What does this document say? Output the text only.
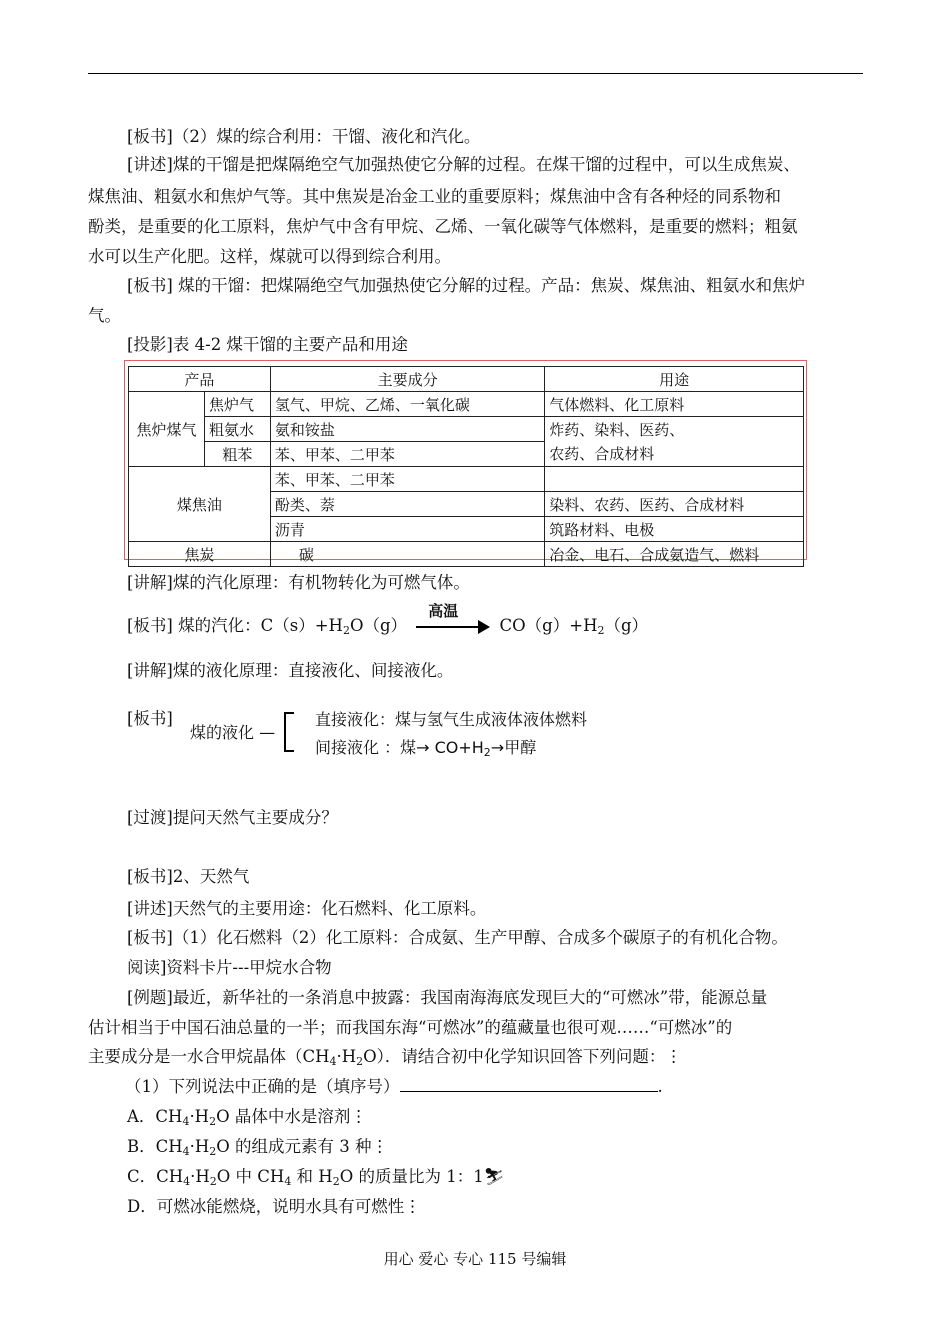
[板书]（2）煤的综合利用：干馏、液化和汽化。
[讲述]煤的干馏是把煤隔绝空气加强热使它分解的过程。在煤干馏的过程中，可以生成焦炭、
煤焦油、粗氨水和焦炉气等。其中焦炭是冶金工业的重要原料；煤焦油中含有各种烃的同系物和
酚类，是重要的化工原料，焦炉气中含有甲烷、乙烯、一氧化碳等气体燃料，是重要的燃料；粗氨
水可以生产化肥。这样，煤就可以得到综合利用。
[板书] 煤的干馏：把煤隔绝空气加强热使它分解的过程。产品：焦炭、煤焦油、粗氨水和焦炉
气。
[投影]表 4-2 煤干馏的主要产品和用途
产品		主要成分	用途
焦炉煤气	焦炉气	氢气、甲烷、乙烯、一氧化碳	气体燃料、化工原料
	粗氨水	氨和铵盐	炸药、染料、医药、
农药、合成材料
	粗苯	苯、甲苯、二甲苯	
煤焦油		苯、甲苯、二甲苯	
		酚类、萘	染料、农药、医药、合成材料
		沥青	筑路材料、电极
焦炭		碳	冶金、电石、合成氨造气、燃料
[讲解]煤的汽化原理：有机物转化为可燃气体。
[板书] 煤的汽化：$C(s)+H_2O(g)$
高温
$CO(g)+H_2(g)$
[讲解]煤的液化原理：直接液化、间接液化。
[板书]
煤的液化 —
直接液化：煤与氢气生成液体液体燃料
间接液化 ：煤→ $CO+H_2\to$甲醇
[过渡]提问天然气主要成分？
[板书]2、天然气
[讲述]天然气的主要用途：化石燃料、化工原料。
[板书]（1）化石燃料（2）化工原料：合成氨、生产甲醇、合成多个碳原子的有机化合物。
阅读]资料卡片---甲烷水合物
[例题]最近，新华社的一条消息中披露：我国南海海底发现巨大的“可燃冰”带，能源总量
估计相当于中国石油总量的一半；而我国东海“可燃冰”的蕴藏量也很可观……“可燃冰”的
主要成分是一水合甲烷晶体$(CH_4\cdot H_2O)$．请结合初中化学知识回答下列问题：⋮
（1）下列说法中正确的是（填序号）	.
A．$CH_4\cdot H_2O$ 晶体中水是溶剂⋮
B．$CH_4\cdot H_2O$ 的组成元素有 3 种⋮
C．$CH_4\cdot H_2O$ 中 $CH_4$ 和 $H_2O$ 的质量比为 1：1⛷
D．可燃冰能燃烧，说明水具有可燃性⋮
用心 爱心 专心 115 号编辑
